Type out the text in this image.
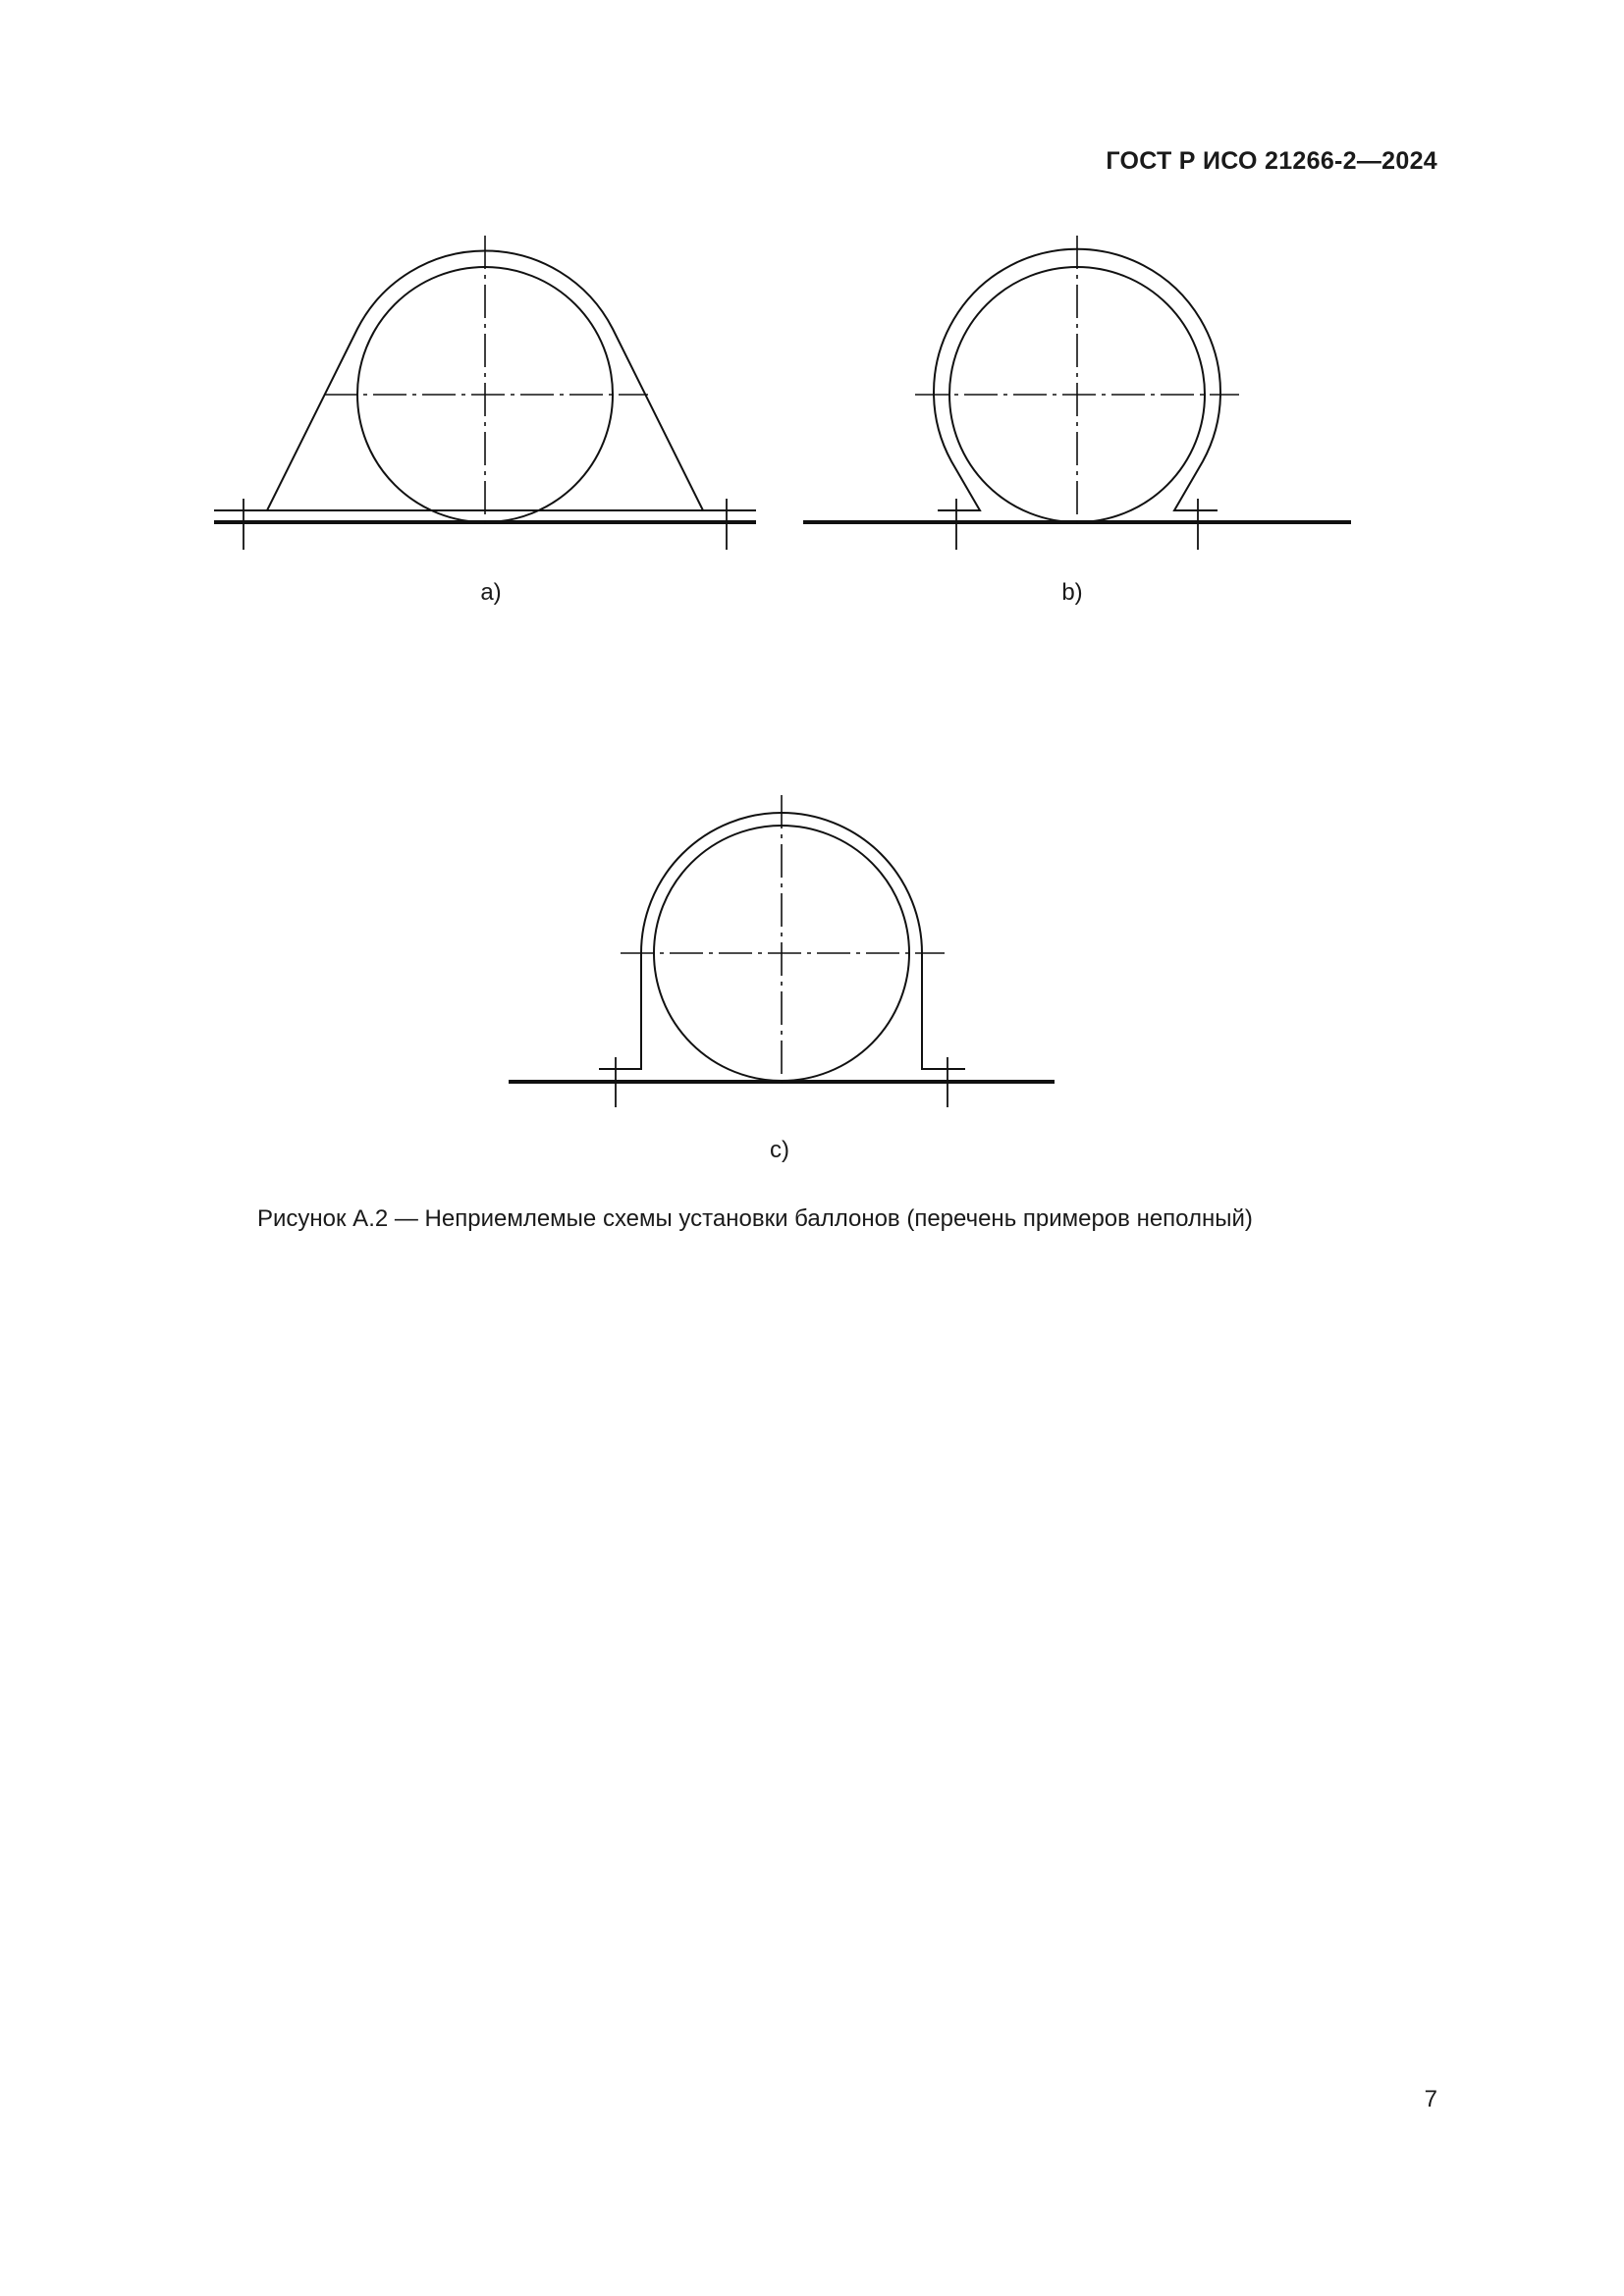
ГОСТ Р ИСО 21266-2—2024
a)	b)
c)
Рисунок А.2 — Неприемлемые схемы установки баллонов (перечень примеров неполный)
7
